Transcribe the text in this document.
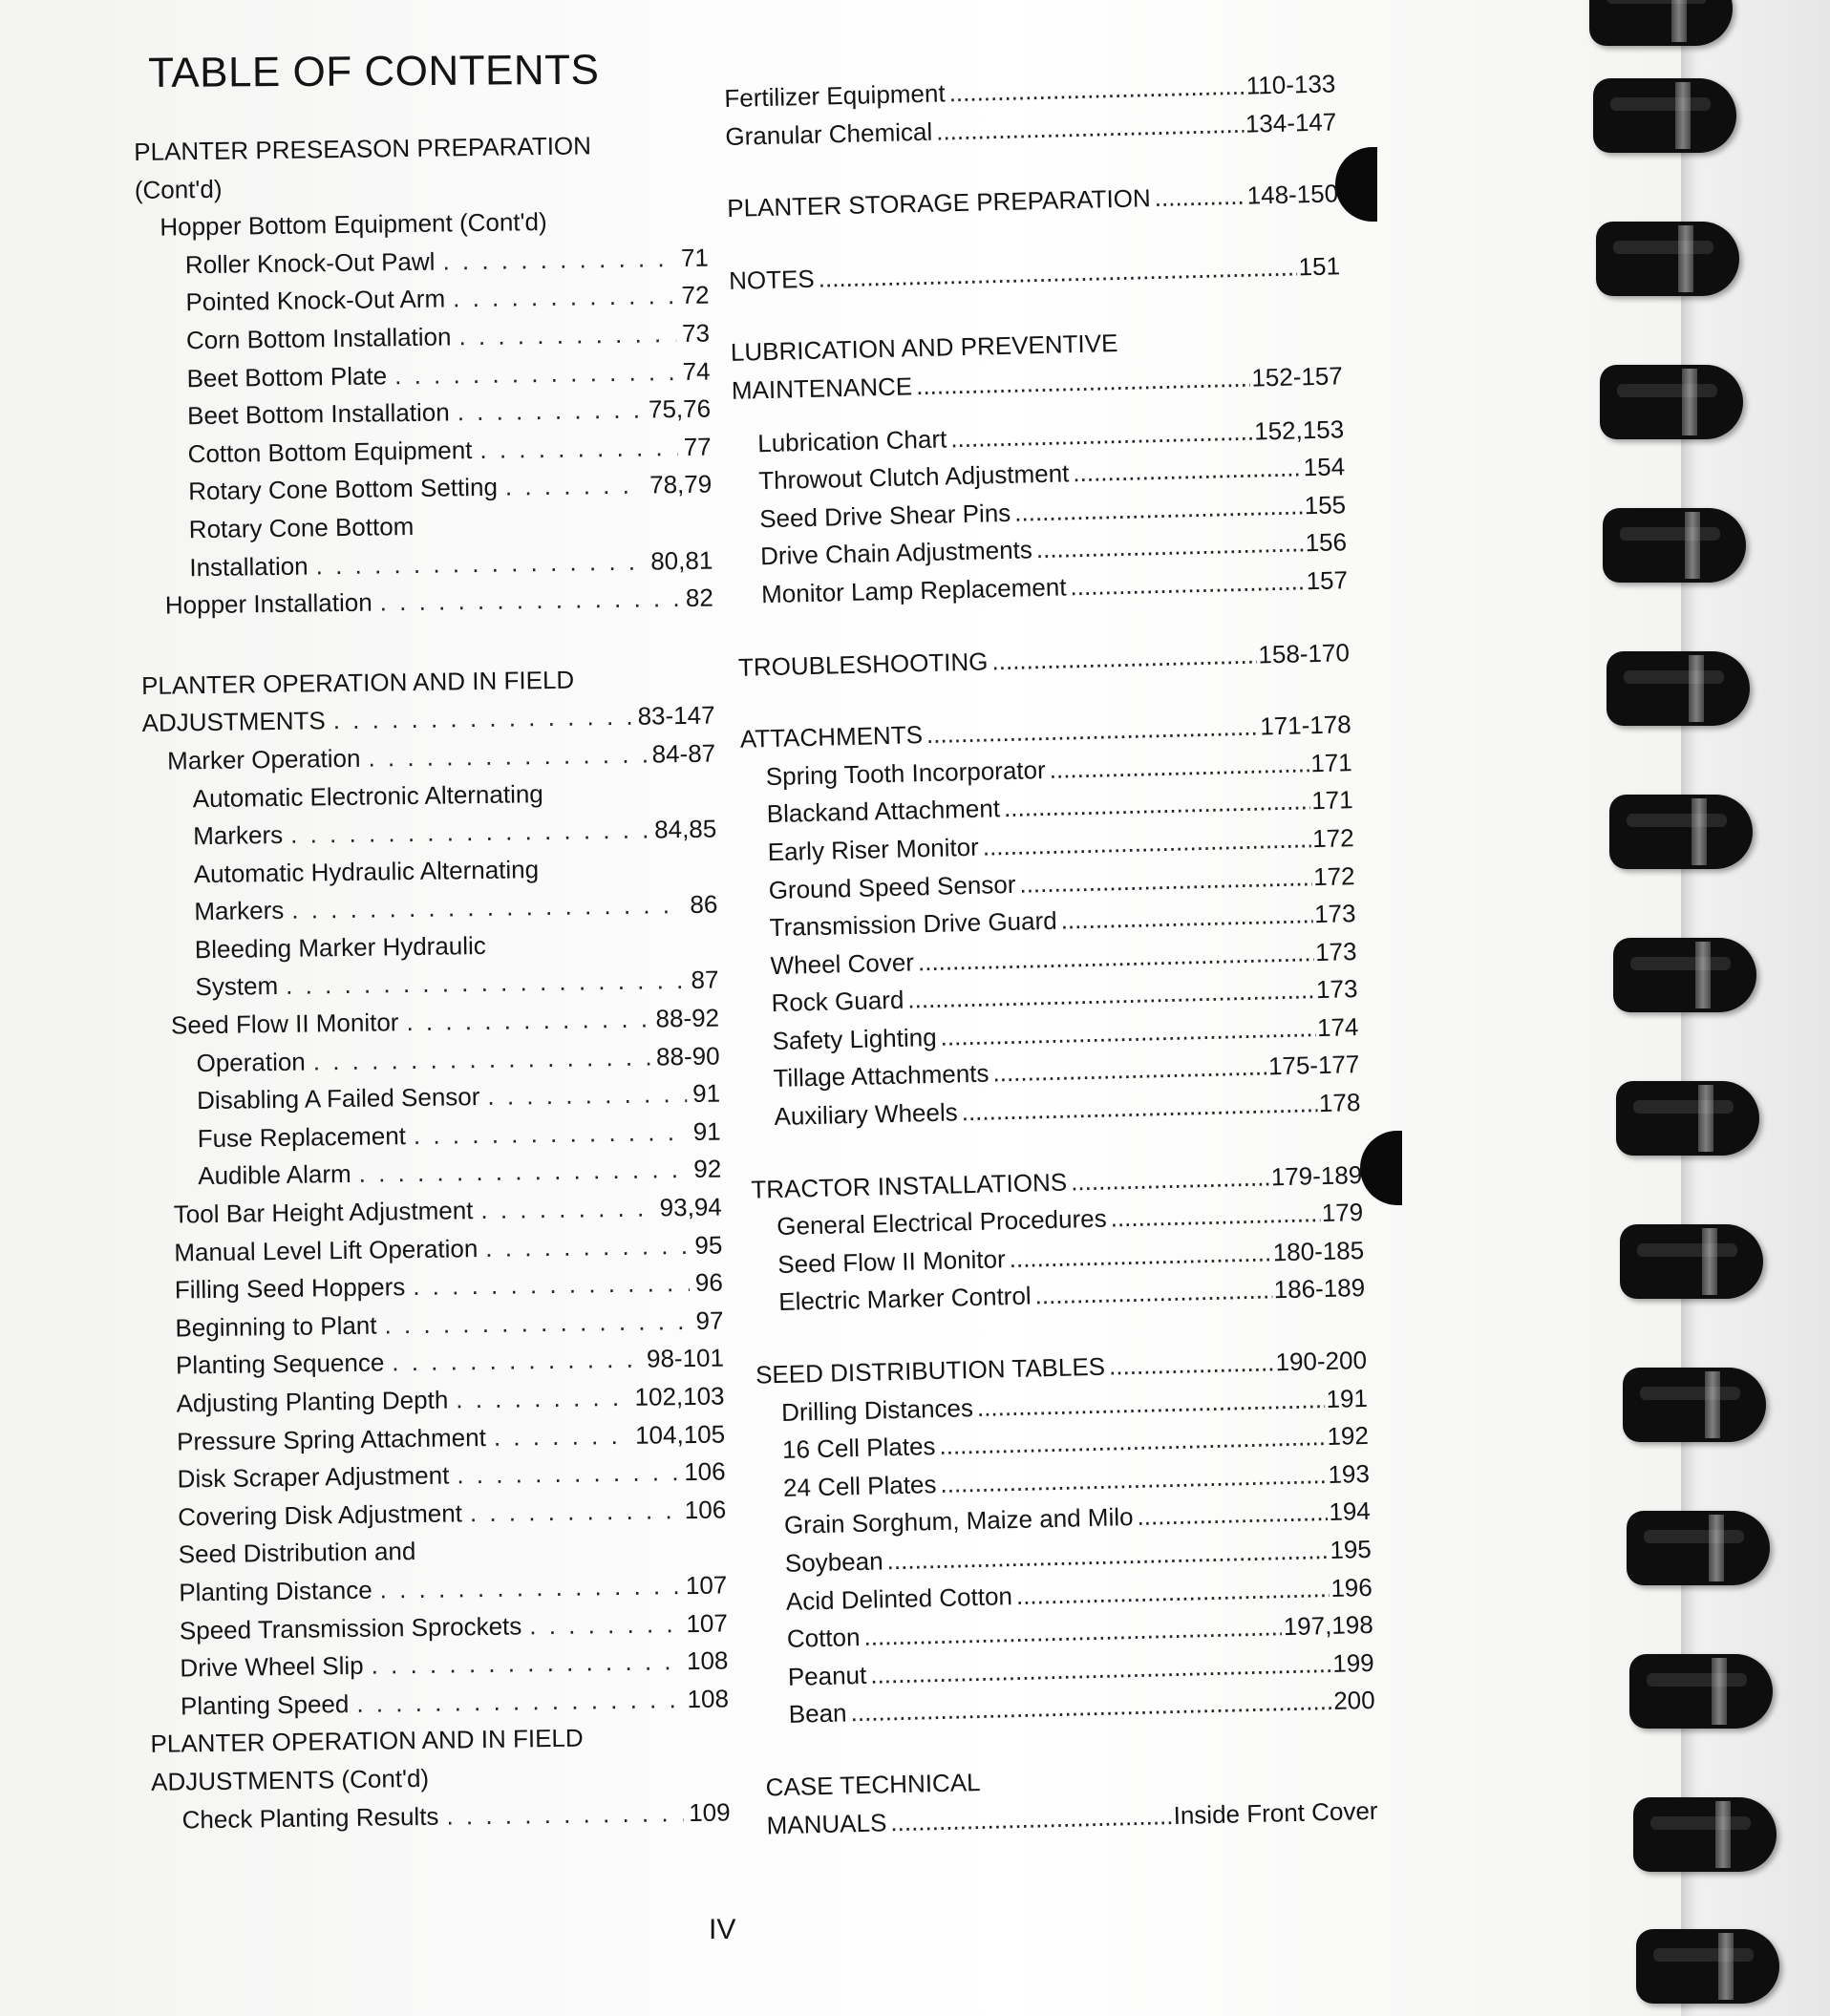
TABLE OF CONTENTS
PLANTER PRESEASON PREPARATION
(Cont'd)
Hopper Bottom Equipment (Cont'd)
Roller Knock-Out Pawl . . .	71
Pointed Knock-Out Arm . . .	72
Corn Bottom Installation . . .	73
Beet Bottom Plate . . .	74
Beet Bottom Installation . . .	75,76
Cotton Bottom Equipment . . .	77
Rotary Cone Bottom Setting . . .	78,79
Rotary Cone Bottom
Installation . . .	80,81
Hopper Installation . . .	82
PLANTER OPERATION AND IN FIELD
ADJUSTMENTS . . .	83-147
Marker Operation . . .	84-87
Automatic Electronic Alternating
Markers . . .	84,85
Automatic Hydraulic Alternating
Markers . . .	86
Bleeding Marker Hydraulic
System . . .	87
Seed Flow II Monitor . . .	88-92
Operation . . .	88-90
Disabling A Failed Sensor . . .	91
Fuse Replacement . . .	91
Audible Alarm . . .	92
Tool Bar Height Adjustment . . .	93,94
Manual Level Lift Operation . . .	95
Filling Seed Hoppers . . .	96
Beginning to Plant . . .	97
Planting Sequence . . .	98-101
Adjusting Planting Depth . . .	102,103
Pressure Spring Attachment . . .	104,105
Disk Scraper Adjustment . . .	106
Covering Disk Adjustment . . .	106
Seed Distribution and
Planting Distance . . .	107
Speed Transmission Sprockets . . .	107
Drive Wheel Slip . . .	108
Planting Speed . . .	108
PLANTER OPERATION AND IN FIELD
ADJUSTMENTS (Cont'd)
Check Planting Results . . .	109
Fertilizer Equipment .....	110-133
Granular Chemical .....	134-147
PLANTER STORAGE PREPARATION .....	148-150
NOTES .....	151
LUBRICATION AND PREVENTIVE
MAINTENANCE .....	152-157
Lubrication Chart .....	152,153
Throwout Clutch Adjustment .....	154
Seed Drive Shear Pins .....	155
Drive Chain Adjustments .....	156
Monitor Lamp Replacement .....	157
TROUBLESHOOTING .....	158-170
ATTACHMENTS .....	171-178
Spring Tooth Incorporator .....	171
Blackand Attachment .....	171
Early Riser Monitor .....	172
Ground Speed Sensor .....	172
Transmission Drive Guard .....	173
Wheel Cover .....	173
Rock Guard .....	173
Safety Lighting .....	174
Tillage Attachments .....	175-177
Auxiliary Wheels .....	178
TRACTOR INSTALLATIONS .....	179-189
General Electrical Procedures .....	179
Seed Flow II Monitor .....	180-185
Electric Marker Control .....	186-189
SEED DISTRIBUTION TABLES .....	190-200
Drilling Distances .....	191
16 Cell Plates .....	192
24 Cell Plates .....	193
Grain Sorghum, Maize and Milo .....	194
Soybean .....	195
Acid Delinted Cotton .....	196
Cotton .....	197,198
Peanut .....	199
Bean .....	200
CASE TECHNICAL
MANUALS .....	Inside Front Cover
IV
